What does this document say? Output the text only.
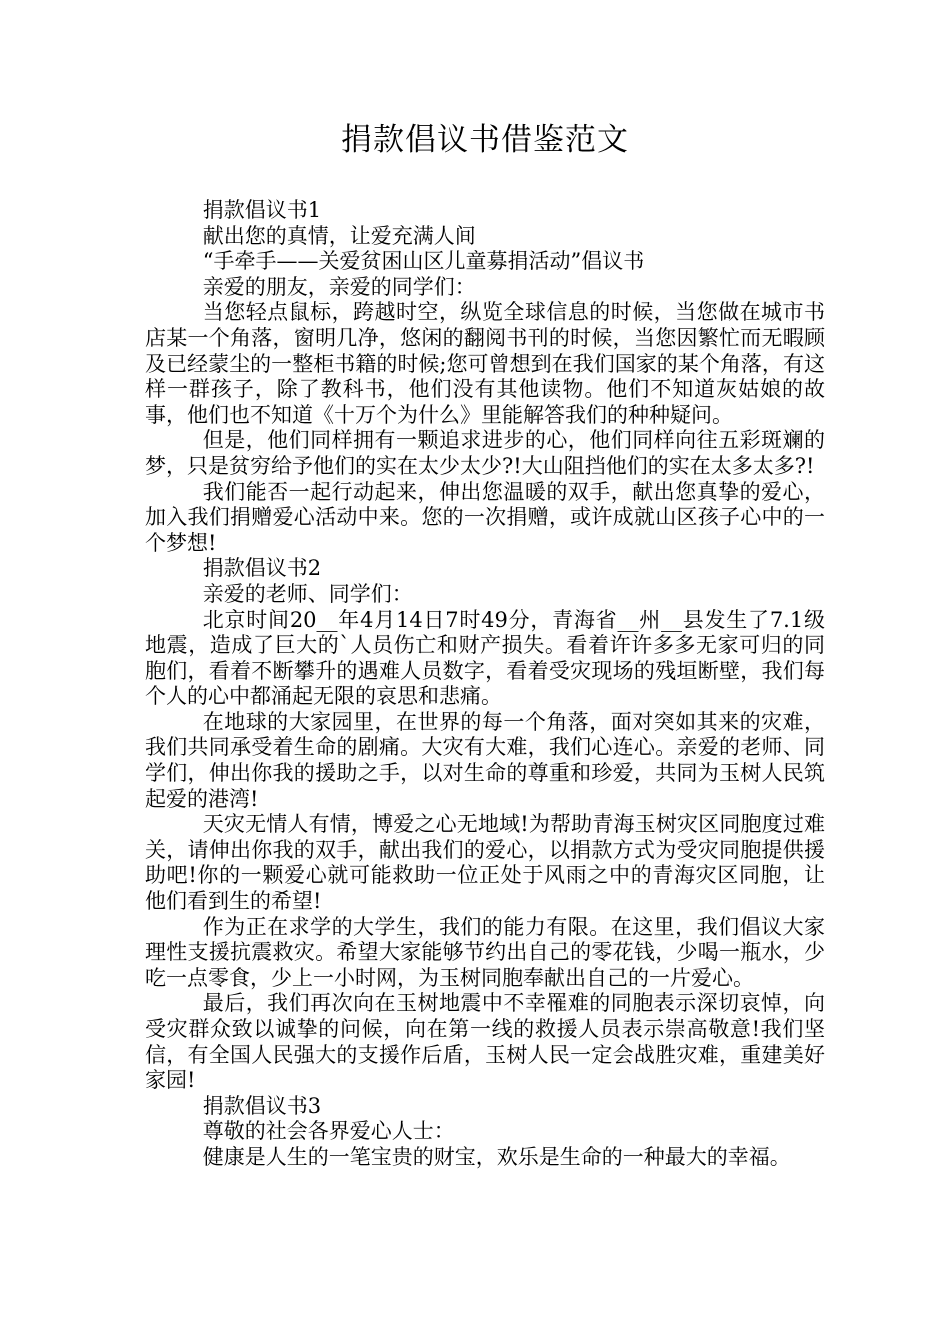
捐款倡议书借鉴范文

捐款倡议书1

献出您的真情，让爱充满人间

“手牵手——关爱贫困山区儿童募捐活动”倡议书

亲爱的朋友，亲爱的同学们：

当您轻点鼠标，跨越时空，纵览全球信息的时候，当您做在城市书店某一个角落，窗明几净，悠闲的翻阅书刊的时候，当您因繁忙而无暇顾及已经蒙尘的一整柜书籍的时候;您可曾想到在我们国家的某个角落，有这样一群孩子，除了教科书，他们没有其他读物。他们不知道灰姑娘的故事，他们也不知道《十万个为什么》里能解答我们的种种疑问。

但是，他们同样拥有一颗追求进步的心，他们同样向往五彩斑斓的梦，只是贫穷给予他们的实在太少太少?!大山阻挡他们的实在太多太多?!

我们能否一起行动起来，伸出您温暖的双手，献出您真挚的爱心，加入我们捐赠爱心活动中来。您的一次捐赠，或许成就山区孩子心中的一个梦想!

捐款倡议书2

亲爱的老师、同学们：

北京时间20__年4月14日7时49分，青海省__州__县发生了7.1级地震，造成了巨大的`人员伤亡和财产损失。看着许许多多无家可归的同胞们，看着不断攀升的遇难人员数字，看着受灾现场的残垣断壁，我们每个人的心中都涌起无限的哀思和悲痛。

在地球的大家园里，在世界的每一个角落，面对突如其来的灾难，我们共同承受着生命的剧痛。大灾有大难，我们心连心。亲爱的老师、同学们，伸出你我的援助之手，以对生命的尊重和珍爱，共同为玉树人民筑起爱的港湾!

天灾无情人有情，博爱之心无地域!为帮助青海玉树灾区同胞度过难关，请伸出你我的双手，献出我们的爱心，以捐款方式为受灾同胞提供援助吧!你的一颗爱心就可能救助一位正处于风雨之中的青海灾区同胞，让他们看到生的希望!

作为正在求学的大学生，我们的能力有限。在这里，我们倡议大家理性支援抗震救灾。希望大家能够节约出自己的零花钱，少喝一瓶水，少吃一点零食，少上一小时网，为玉树同胞奉献出自己的一片爱心。

最后，我们再次向在玉树地震中不幸罹难的同胞表示深切哀悼，向受灾群众致以诚挚的问候，向在第一线的救援人员表示崇高敬意!我们坚信，有全国人民强大的支援作后盾，玉树人民一定会战胜灾难，重建美好家园!

捐款倡议书3

尊敬的社会各界爱心人士：

健康是人生的一笔宝贵的财宝，欢乐是生命的一种最大的幸福。
